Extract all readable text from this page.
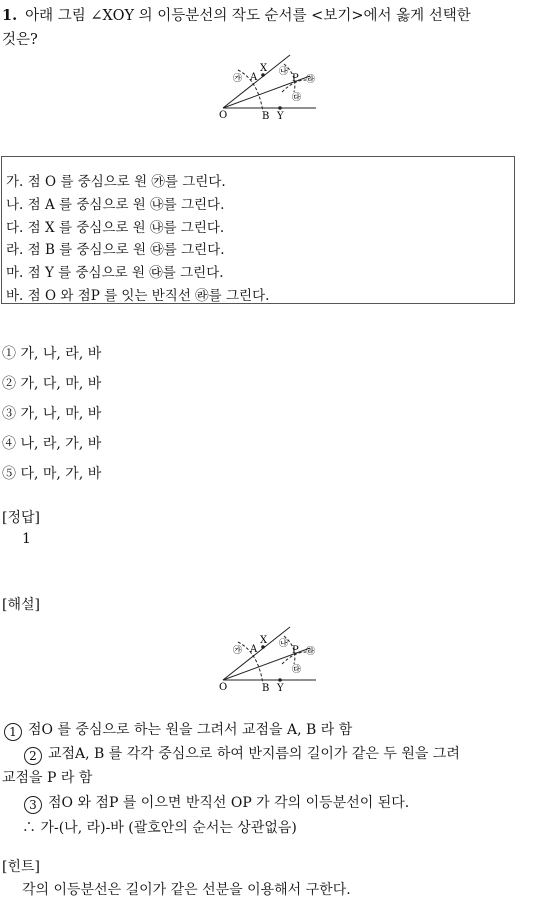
1. 아래 그림 ∠XOY 의 이등분선의 작도 순서를 <보기>에서 옳게 선택한
것은?
O	B Y
A
X
P
㉮
㉯
㉰
㉱
가. 점 O 를 중심으로 원 ㉮를 그린다.
나. 점 A 를 중심으로 원 ㉯를 그린다.
다. 점 X 를 중심으로 원 ㉯를 그린다.
라. 점 B 를 중심으로 원 ㉰를 그린다.
마. 점 Y 를 중심으로 원 ㉰를 그린다.
바. 점 O 와 점P 를 잇는 반직선 ㉱를 그린다.
① 가, 나, 라, 바
② 가, 다, 마, 바
③ 가, 나, 마, 바
④ 나, 라, 가, 바
⑤ 다, 마, 가, 바
[정답]
1
[해설]
O	B Y
A
X
P
㉮
㉯
㉰
㉱
1 점O 를 중심으로 하는 원을 그려서 교점을 A, B 라 함
2 교점A, B 를 각각 중심으로 하여 반지름의 길이가 같은 두 원을 그려
교점을 P 라 함
3 점O 와 점P 를 이으면 반직선 OP 가 각의 이등분선이 된다.
∴ 가-(나, 라)-바 (괄호안의 순서는 상관없음)
[힌트]
각의 이등분선은 길이가 같은 선분을 이용해서 구한다.
